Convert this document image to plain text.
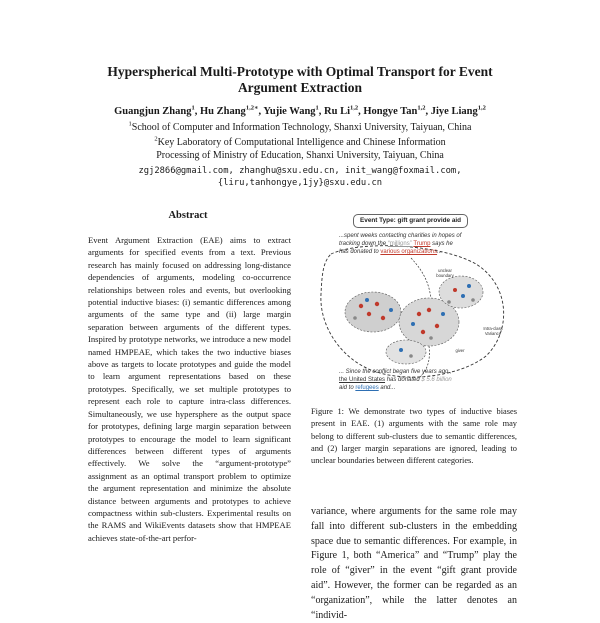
Hyperspherical Multi-Prototype with Optimal Transport for Event
Argument Extraction
Guangjun Zhang$^1$, Hu Zhang$^{1,2∗}$, Yujie Wang$^1$, Ru Li$^{1,2}$, Hongye Tan$^{1,2}$, Jiye Liang$^{1,2}$
$^1$School of Computer and Information Technology, Shanxi University, Taiyuan, China
$^2$Key Laboratory of Computational Intelligence and Chinese Information
Processing of Ministry of Education, Shanxi University, Taiyuan, China
zgj2866@gmail.com, zhanghu@sxu.edu.cn, init_wang@foxmail.com,
{liru,tanhongye,1jy}@sxu.edu.cn
Abstract
Event Argument Extraction (EAE) aims to extract arguments for specified events from a text. Previous research has mainly focused on addressing long-distance dependencies of arguments, modeling co-occurrence relationships between roles and events, but overlooking potential inductive biases: (i) semantic differences among arguments of the same type and (ii) large margin separation between arguments of the different types. Inspired by prototype networks, we introduce a new model named HMPEAE, which takes the two inductive biases above as targets to locate prototypes and guide the model to learn argument representations based on these prototypes. Specifically, we set multiple prototypes to represent each role to capture intra-class differences. Simultaneously, we use hypersphere as the output space for prototypes, defining large margin separation between prototypes to encourage the model to learn significant differences between different types of arguments effectively. We solve the “argument-prototype” assignment as an optimal transport problem to optimize the argument representation and minimize the absolute distance between arguments and prototypes to achieve compactness within sub-clusters. Experimental results on the RAMS and WikiEvents datasets show that HMPEAE achieves state-of-the-art perfor-
Event Type: gift grant provide aid
...spent weeks contacting charities in hopes of
tracking down the “millions” Trump says he
has donated to various organizations...
unclear
boundary
Intra-class
Variance
giver
... Since the conflict began five years ago ,
the United States has donated $ 5.6 billion
aid to refugees and...
Figure 1: We demonstrate two types of inductive biases present in EAE. (1) arguments with the same role may belong to different sub-clusters due to semantic differences, and (2) larger margin separations are ignored, leading to unclear boundaries between different categories.
variance, where arguments for the same role may fall into different sub-clusters in the embedding space due to semantic differences. For example, in Figure 1, both “America” and “Trump” play the role of “giver” in the event “gift grant provide aid”. However, the former can be regarded as an “organization”, while the latter denotes an “individ-
